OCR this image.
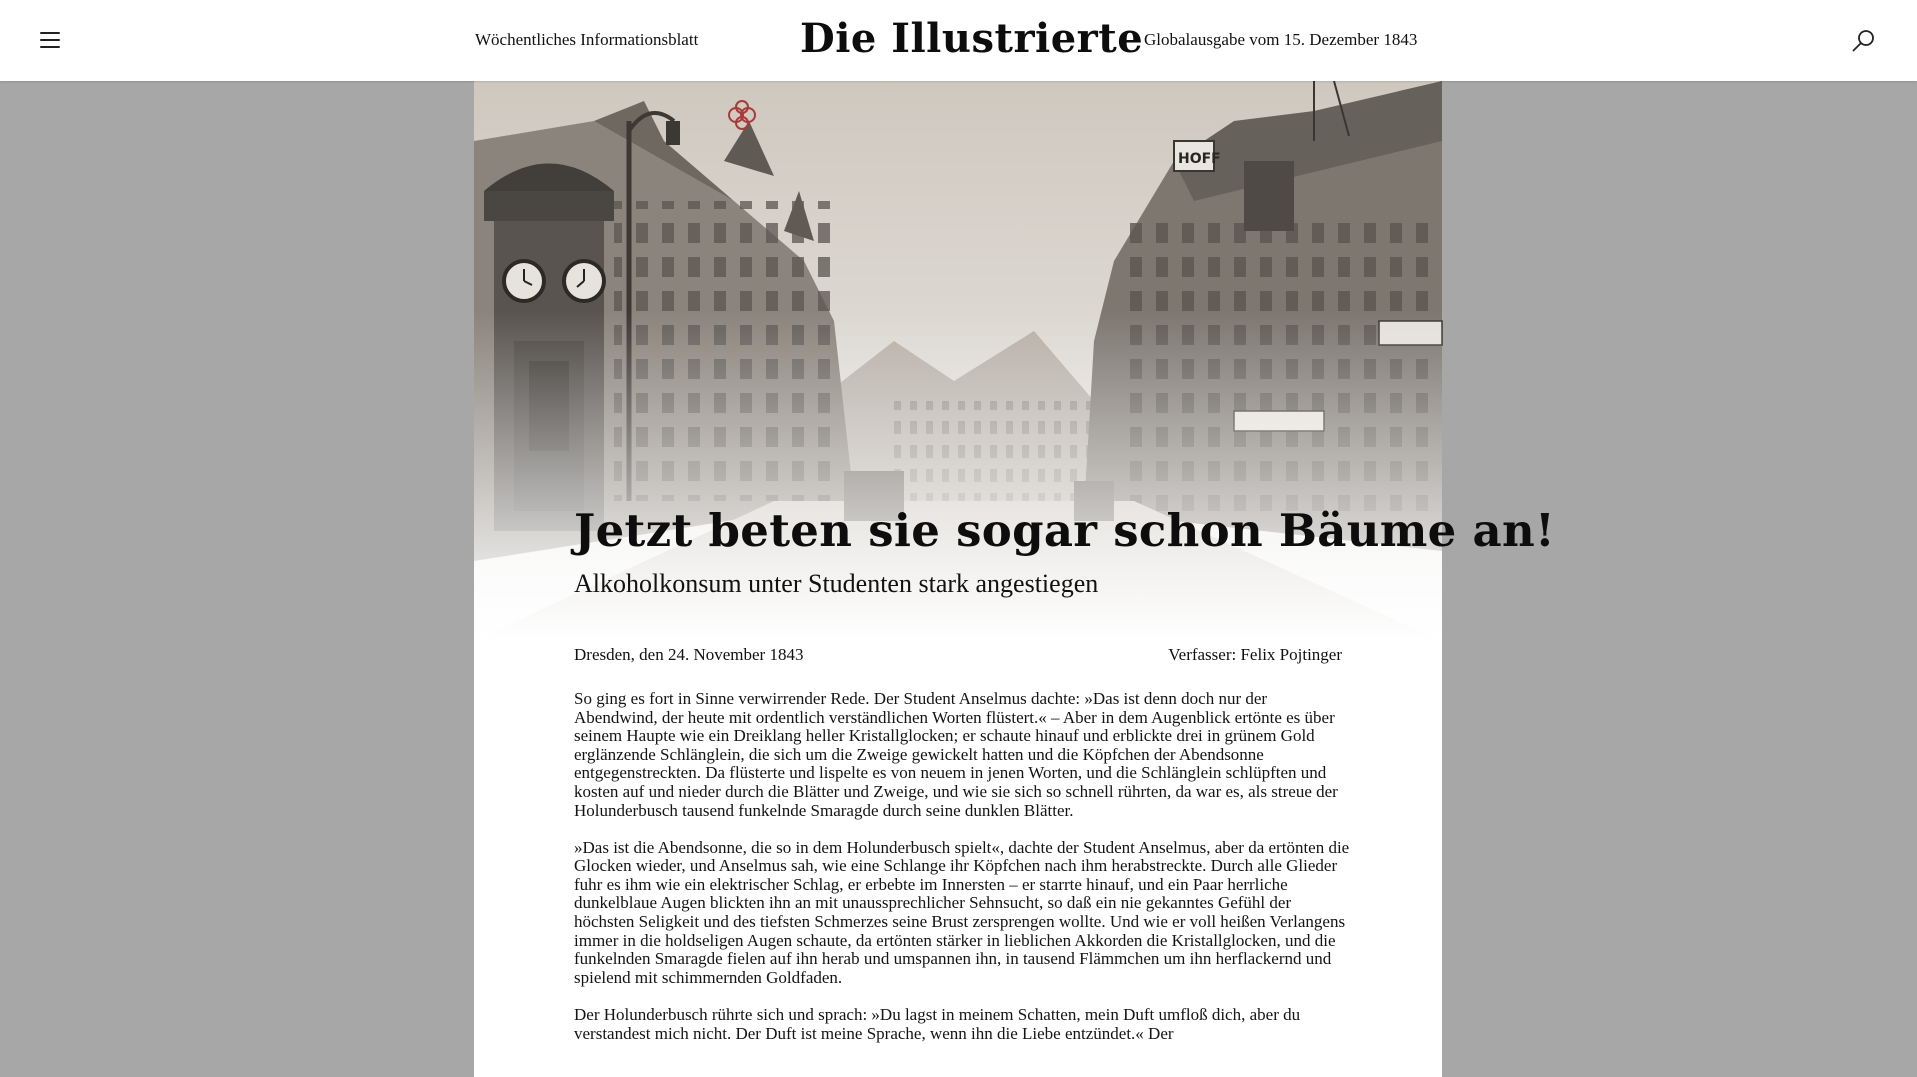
Wöchentliches Informationsblatt	Die Illustrierte Globalausgabe vom 15. Dezember 1843
HOFF
Jetzt beten sie sogar schon Bäume an!
Alkoholkonsum unter Studenten stark angestiegen
Dresden, den 24. November 1843	Verfasser: Felix Pojtinger

So ging es fort in Sinne verwirrender Rede. Der Student Anselmus dachte: »Das ist denn doch nur der Abendwind, der heute mit ordentlich verständlichen Worten flüstert.« – Aber in dem Augenblick ertönte es über seinem Haupte wie ein Dreiklang heller Kristallglocken; er schaute hinauf und erblickte drei in grünem Gold erglänzende Schlänglein, die sich um die Zweige gewickelt hatten und die Köpfchen der Abendsonne entgegenstreckten. Da flüsterte und lispelte es von neuem in jenen Worten, und die Schlänglein schlüpften und kosten auf und nieder durch die Blätter und Zweige, und wie sie sich so schnell rührten, da war es, als streue der Holunderbusch tausend funkelnde Smaragde durch seine dunklen Blätter.

»Das ist die Abendsonne, die so in dem Holunderbusch spielt«, dachte der Student Anselmus, aber da ertönten die Glocken wieder, und Anselmus sah, wie eine Schlange ihr Köpfchen nach ihm herabstreckte. Durch alle Glieder fuhr es ihm wie ein elektrischer Schlag, er erbebte im Innersten – er starrte hinauf, und ein Paar herrliche dunkelblaue Augen blickten ihn an mit unaussprechlicher Sehnsucht, so daß ein nie gekanntes Gefühl der höchsten Seligkeit und des tiefsten Schmerzes seine Brust zersprengen wollte. Und wie er voll heißen Verlangens immer in die holdseligen Augen schaute, da ertönten stärker in lieblichen Akkorden die Kristallglocken, und die funkelnden Smaragde fielen auf ihn herab und umspannen ihn, in tausend Flämmchen um ihn herflackernd und spielend mit schimmernden Goldfaden.

Der Holunderbusch rührte sich und sprach: »Du lagst in meinem Schatten, mein Duft umfloß dich, aber du verstandest mich nicht. Der Duft ist meine Sprache, wenn ihn die Liebe entzündet.« Der
